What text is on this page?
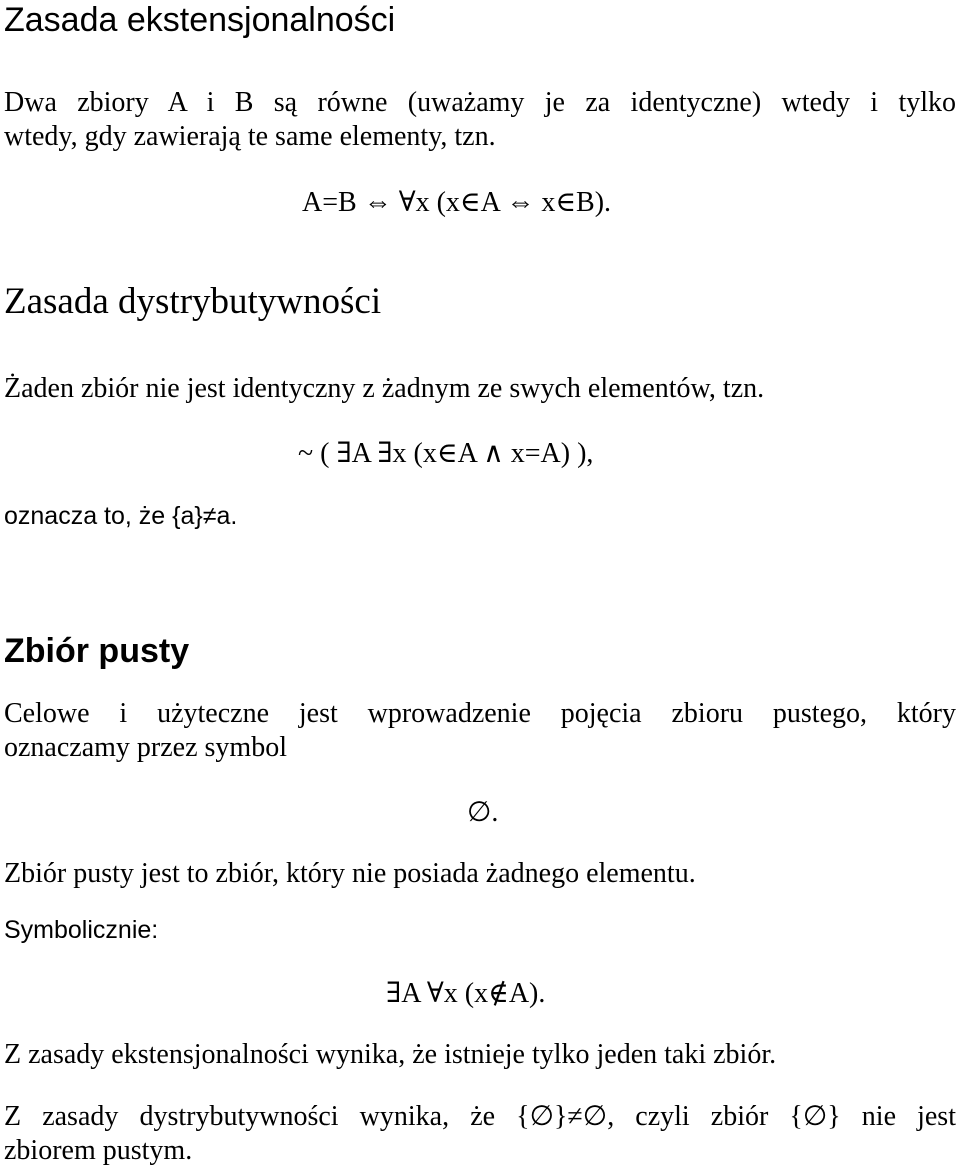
Zasada ekstensjonalności
Dwa zbiory A i B są równe (uważamy je za identyczne) wtedy i tylko
wtedy, gdy zawierają te same elementy, tzn.
A=B ⇔ ∀x (x∈A ⇔ x∈B).
Zasada dystrybutywności
Żaden zbiór nie jest identyczny z żadnym ze swych elementów, tzn.
~ ( ∃A ∃x (x∈A ∧ x=A) ),
oznacza to, że {a}≠a.
Zbiór pusty
Celowe i użyteczne jest wprowadzenie pojęcia zbioru pustego, który
oznaczamy przez symbol
∅.
Zbiór pusty jest to zbiór, który nie posiada żadnego elementu.
Symbolicznie:
∃A ∀x (x∉A).
Z zasady ekstensjonalności wynika, że istnieje tylko jeden taki zbiór.
Z zasady dystrybutywności wynika, że {∅}≠∅, czyli zbiór {∅} nie jest
zbiorem pustym.
